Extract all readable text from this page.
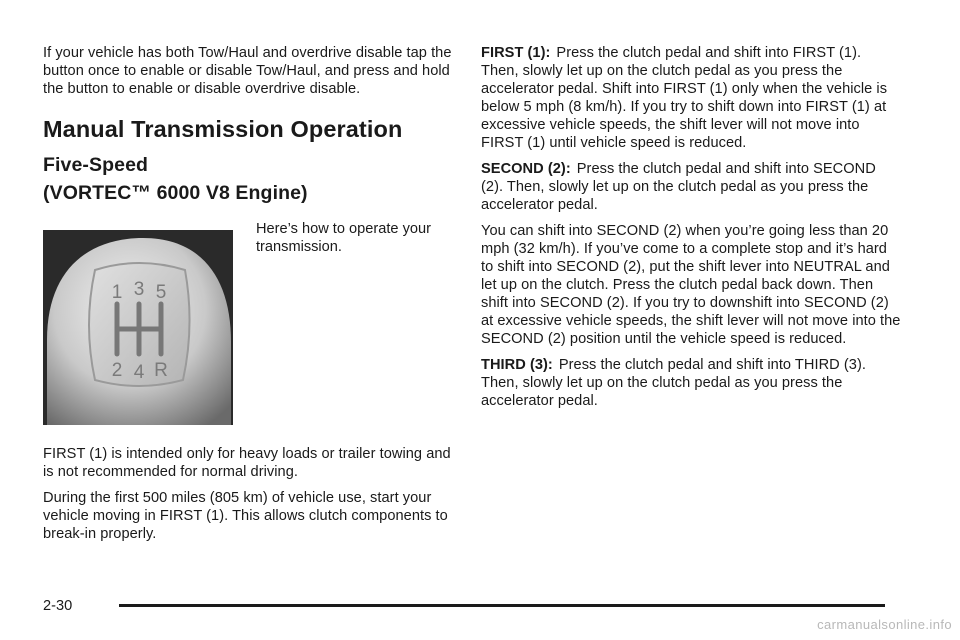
If your vehicle has both Tow/Haul and overdrive disable tap the button once to enable or disable Tow/Haul, and press and hold the button to enable or disable overdrive disable.

Manual Transmission Operation
Five-Speed
(VORTEC™ 6000 V8 Engine)
1 3 5
2 4 R
Here’s how to operate your transmission.

FIRST (1) is intended only for heavy loads or trailer towing and is not recommended for normal driving.

During the first 500 miles (805 km) of vehicle use, start your vehicle moving in FIRST (1). This allows clutch components to break-in properly.

FIRST (1): Press the clutch pedal and shift into FIRST (1). Then, slowly let up on the clutch pedal as you press the accelerator pedal. Shift into FIRST (1) only when the vehicle is below 5 mph (8 km/h). If you try to shift down into FIRST (1) at excessive vehicle speeds, the shift lever will not move into FIRST (1) until vehicle speed is reduced.

SECOND (2): Press the clutch pedal and shift into SECOND (2). Then, slowly let up on the clutch pedal as you press the accelerator pedal.

You can shift into SECOND (2) when you’re going less than 20 mph (32 km/h). If you’ve come to a complete stop and it’s hard to shift into SECOND (2), put the shift lever into NEUTRAL and let up on the clutch. Press the clutch pedal back down. Then shift into SECOND (2). If you try to downshift into SECOND (2) at excessive vehicle speeds, the shift lever will not move into the SECOND (2) position until the vehicle speed is reduced.

THIRD (3): Press the clutch pedal and shift into THIRD (3). Then, slowly let up on the clutch pedal as you press the accelerator pedal.

2-30
carmanualsonline.info
